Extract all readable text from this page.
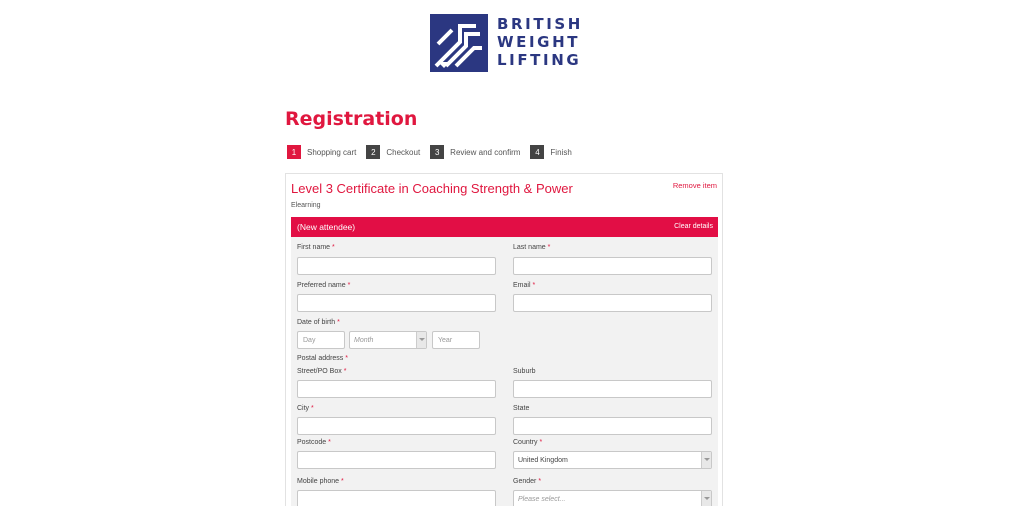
BRITISH
WEIGHT
LIFTING
Registration
1	Shopping cart	2	Checkout	3	Review and confirm	4	Finish
Level 3 Certificate in Coaching Strength & Power
Elearning
Remove item
(New attendee)	Clear details
First name *	Last name *
Preferred name *	Email *
Date of birth *
Day	Month	Year
Postal address *
Street/PO Box *	Suburb
City *	State
Postcode *	Country *
United Kingdom
Mobile phone *	Gender *
Please select...
